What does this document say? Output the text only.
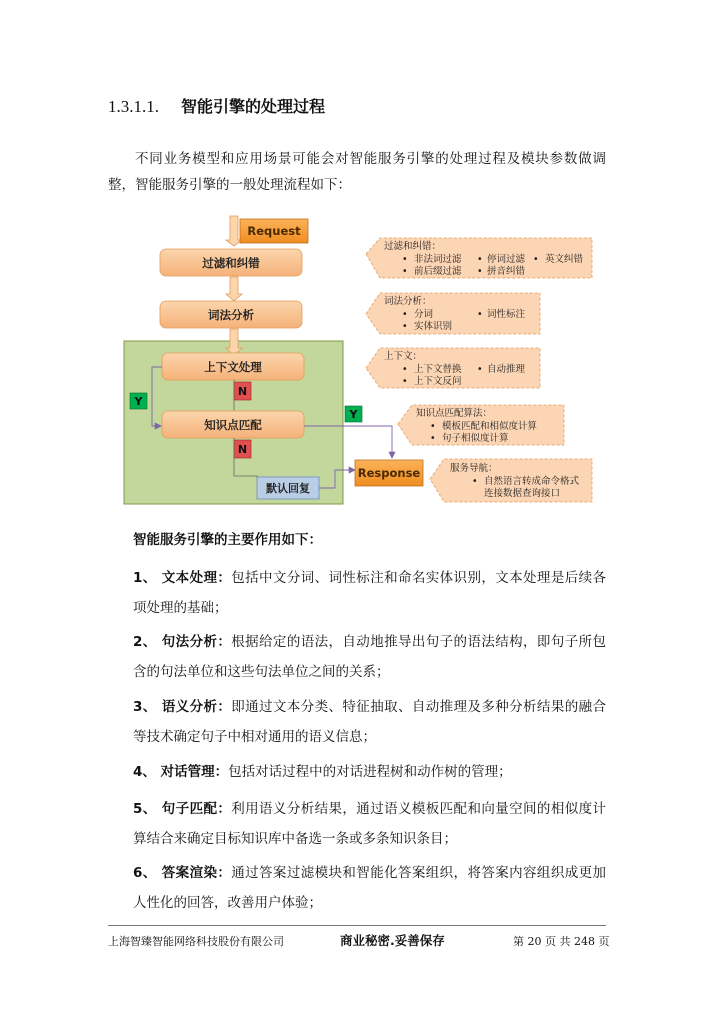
1.3.1.1. 智能引擎的处理过程
不同业务模型和应用场景可能会对智能服务引擎的处理过程及模块参数做调整，智能服务引擎的一般处理流程如下：
Request
过滤和纠错
词法分析
上下文处理
N
知识点匹配
N
默认回复
Y
Y
Response
过滤和纠错：
• 非法词过滤 • 停词过滤 • 英文纠错
• 前后缀过滤 • 拼音纠错
词法分析：
• 分词	• 词性标注
• 实体识别
上下文：
• 上下文替换 • 自动推理
• 上下文反问
知识点匹配算法：
• 模板匹配和相似度计算
• 句子相似度计算
服务导航：
• 自然语言转成命令格式
连接数据查询接口
智能服务引擎的主要作用如下：
1、 文本处理：包括中文分词、词性标注和命名实体识别，文本处理是后续各项处理的基础；
2、 句法分析：根据给定的语法，自动地推导出句子的语法结构，即句子所包含的句法单位和这些句法单位之间的关系；
3、 语义分析：即通过文本分类、特征抽取、自动推理及多种分析结果的融合等技术确定句子中相对通用的语义信息；
4、 对话管理：包括对话过程中的对话进程树和动作树的管理；
5、 句子匹配：利用语义分析结果，通过语义模板匹配和向量空间的相似度计算结合来确定目标知识库中备选一条或多条知识条目；
6、 答案渲染：通过答案过滤模块和智能化答案组织，将答案内容组织成更加人性化的回答，改善用户体验；
上海智臻智能网络科技股份有限公司	商业秘密.妥善保存	第 20 页 共 248 页
